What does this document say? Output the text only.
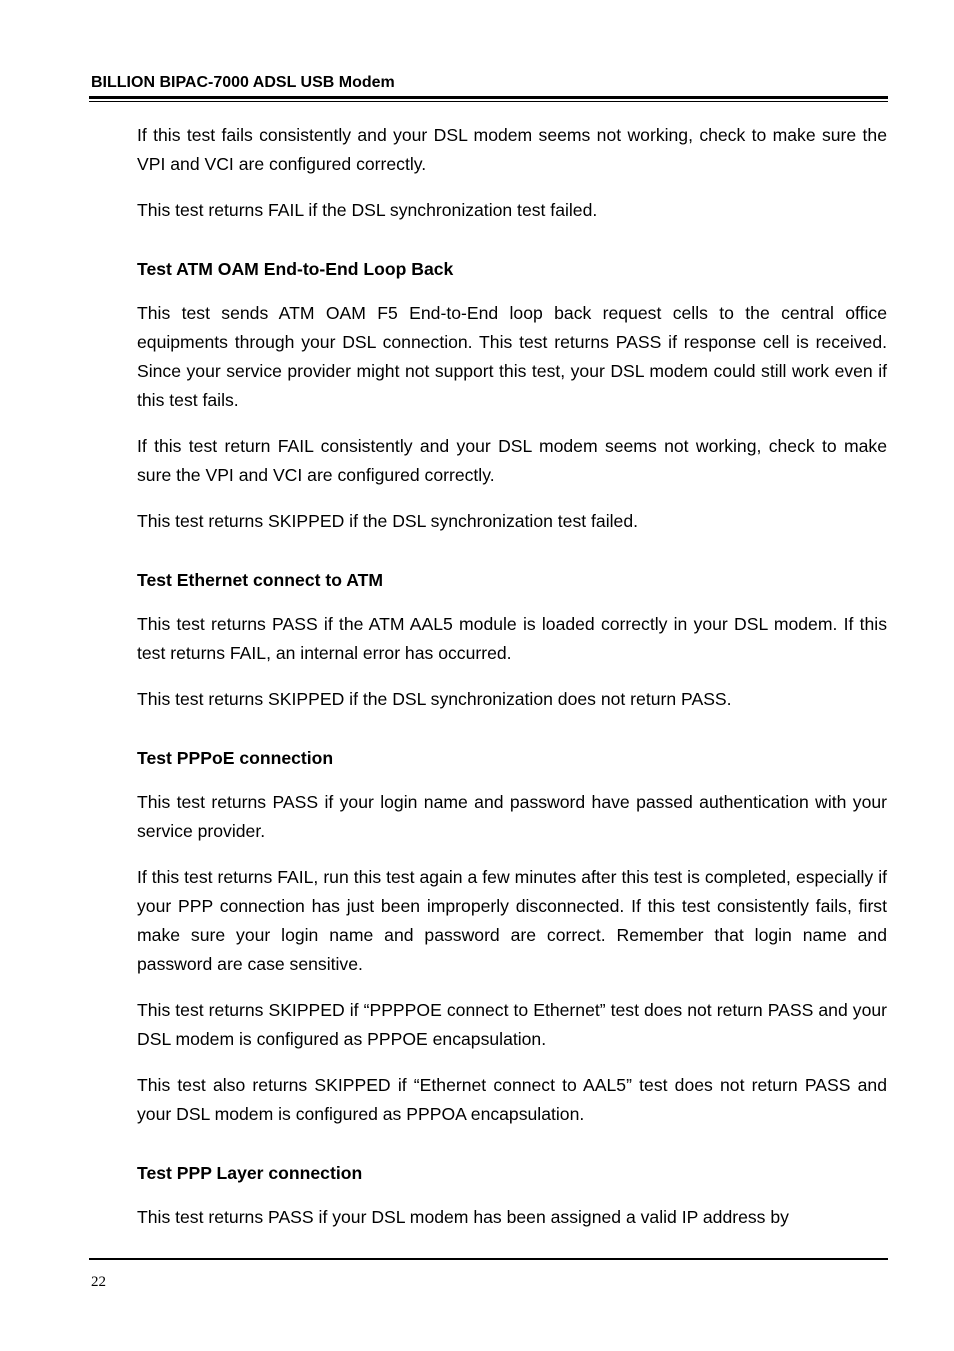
BILLION BIPAC-7000 ADSL USB Modem

If this test fails consistently and your DSL modem seems not working, check to make sure the VPI and VCI are configured correctly.

This test returns FAIL if the DSL synchronization test failed.

Test ATM OAM End-to-End Loop Back

This test sends ATM OAM F5 End-to-End loop back request cells to the central office equipments through your DSL connection. This test returns PASS if response cell is received. Since your service provider might not support this test, your DSL modem could still work even if this test fails.

If this test return FAIL consistently and your DSL modem seems not working, check to make sure the VPI and VCI are configured correctly.

This test returns SKIPPED if the DSL synchronization test failed.

Test Ethernet connect to ATM

This test returns PASS if the ATM AAL5 module is loaded correctly in your DSL modem. If this test returns FAIL, an internal error has occurred.

This test returns SKIPPED if the DSL synchronization does not return PASS.

Test PPPoE connection

This test returns PASS if your login name and password have passed authentication with your service provider.

If this test returns FAIL, run this test again a few minutes after this test is completed, especially if your PPP connection has just been improperly disconnected. If this test consistently fails, first make sure your login name and password are correct. Remember that login name and password are case sensitive.

This test returns SKIPPED if “PPPPOE connect to Ethernet” test does not return PASS and your DSL modem is configured as PPPOE encapsulation.

This test also returns SKIPPED if “Ethernet connect to AAL5” test does not return PASS and your DSL modem is configured as PPPOA encapsulation.

Test PPP Layer connection

This test returns PASS if your DSL modem has been assigned a valid IP address by

22
